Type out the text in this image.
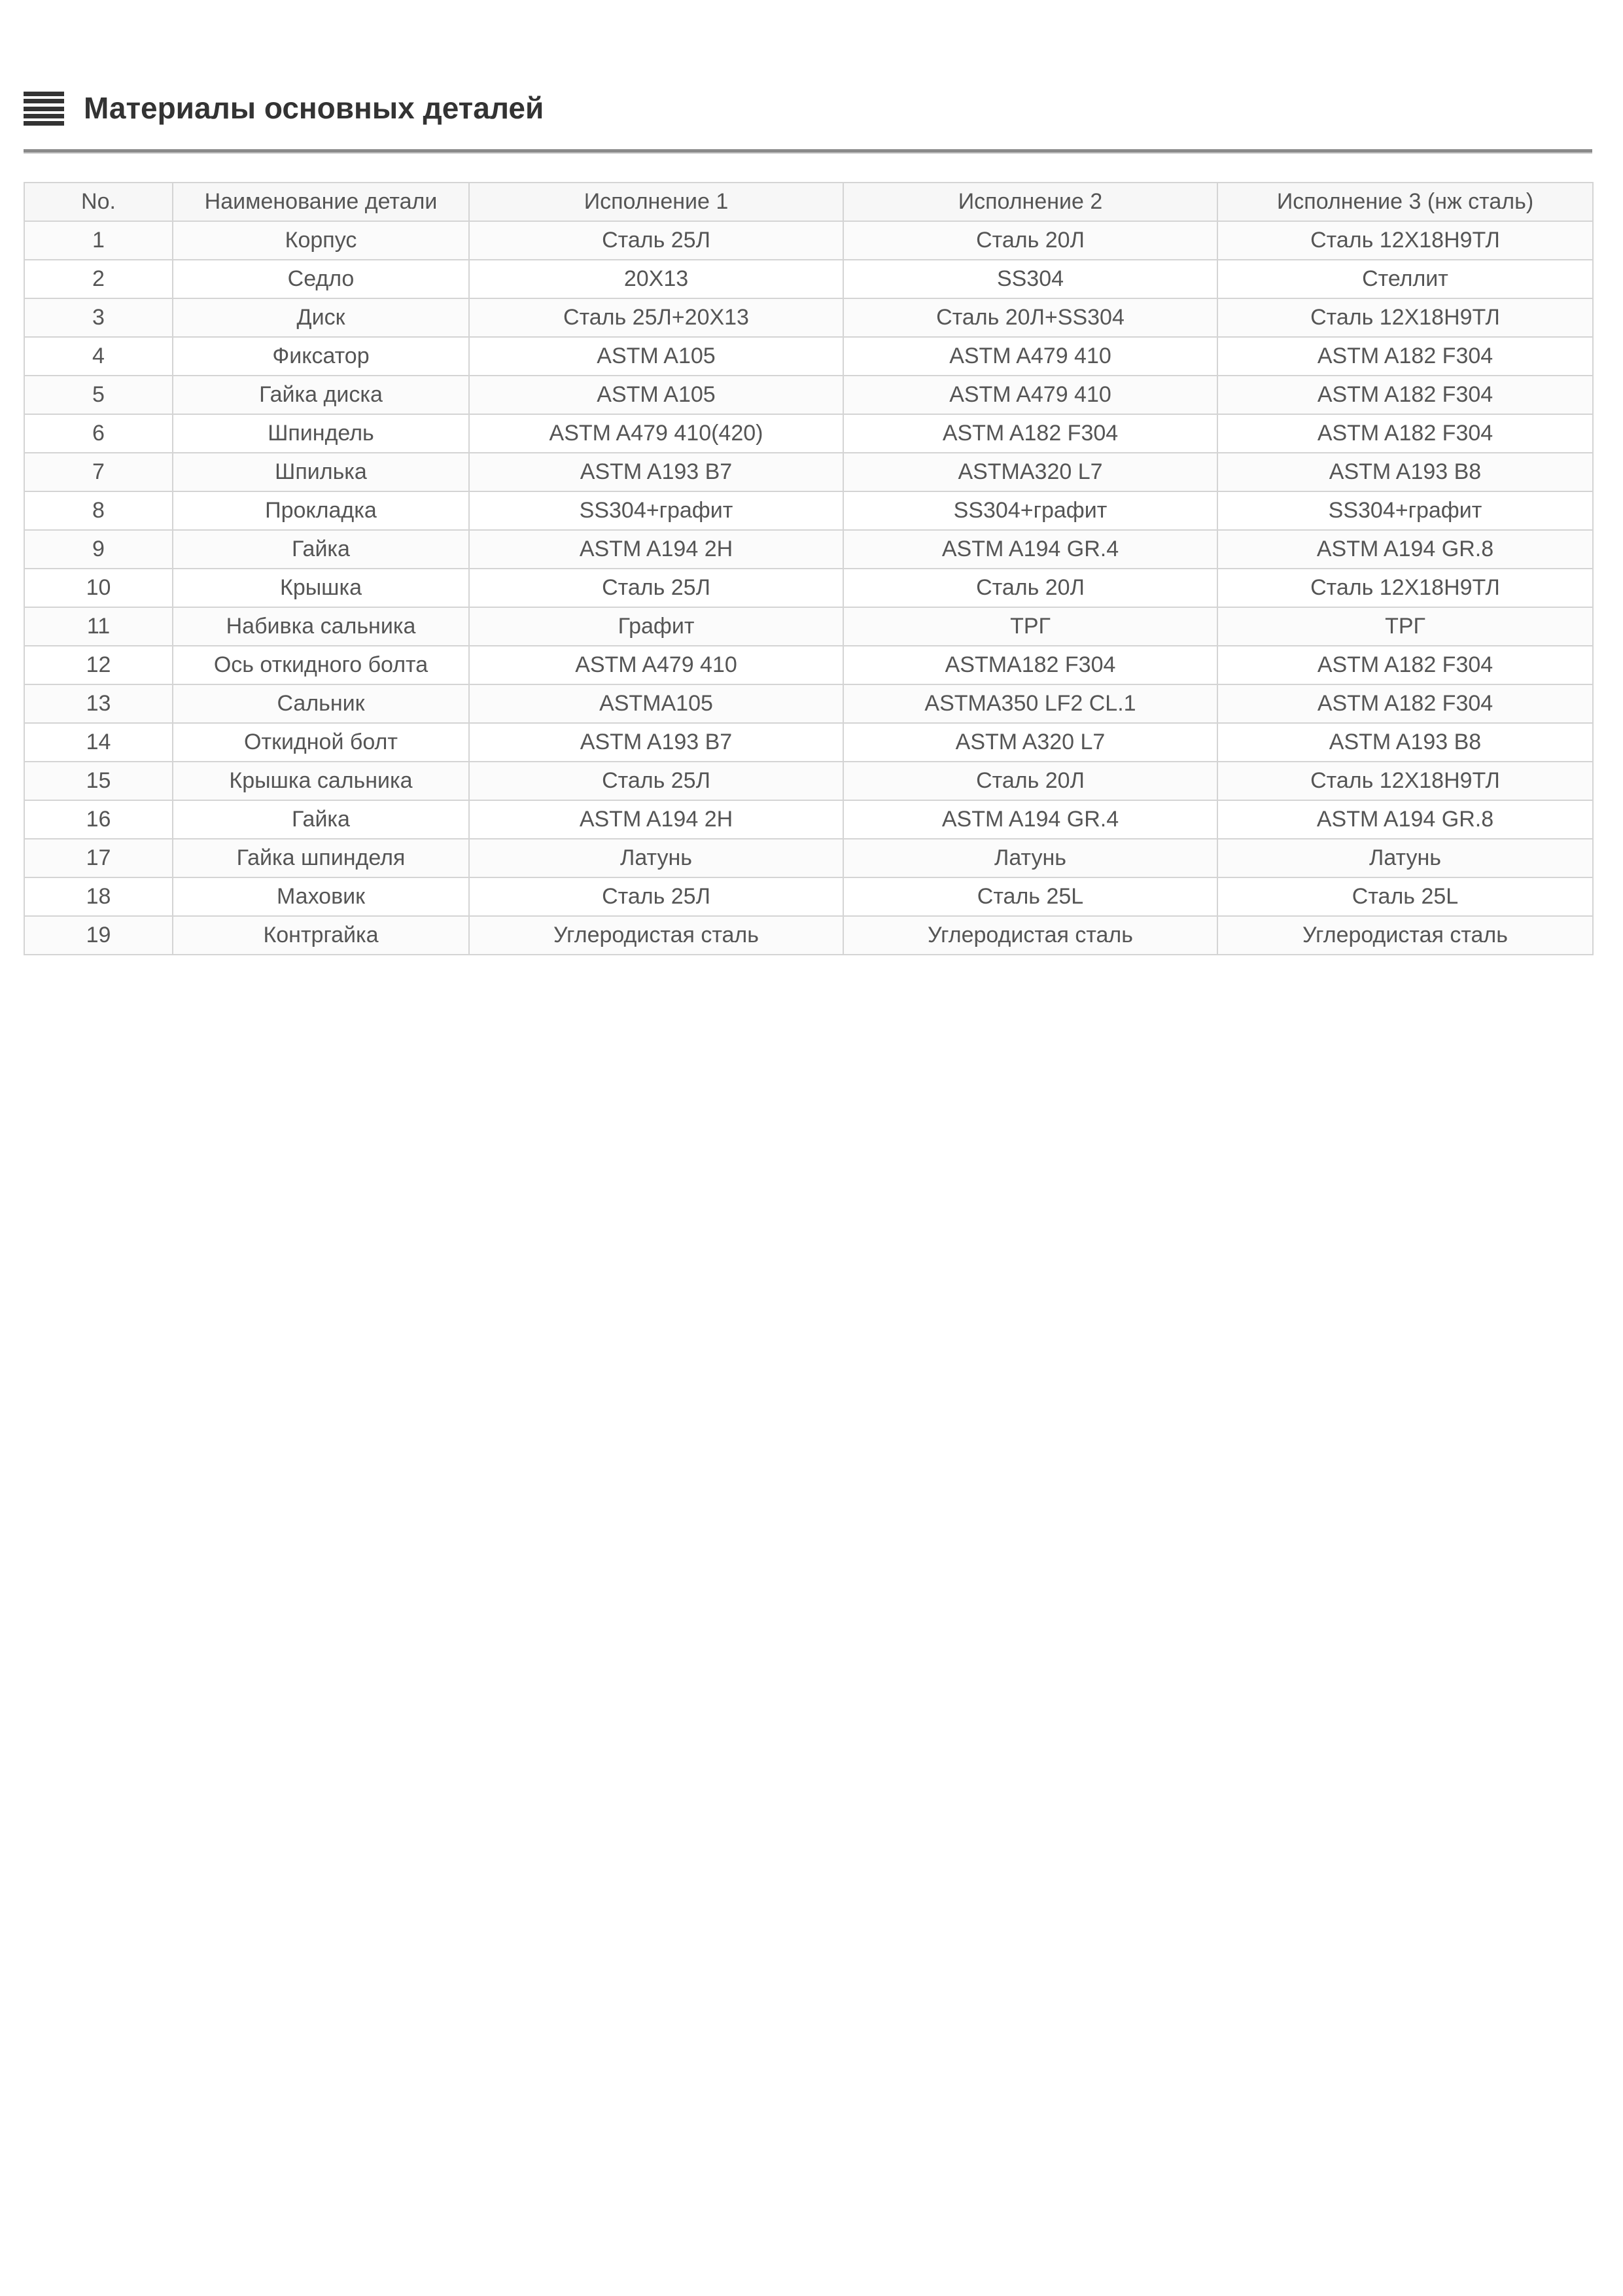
Материалы основных деталей
No.	Наименование детали	Исполнение 1	Исполнение 2	Исполнение 3 (нж сталь)
1	Корпус	Сталь 25Л	Сталь 20Л	Сталь 12Х18Н9ТЛ
2	Седло	20Х13	SS304	Стеллит
3	Диск	Сталь 25Л+20Х13	Сталь 20Л+SS304	Сталь 12Х18Н9ТЛ
4	Фиксатор	ASTM A105	ASTM A479 410	ASTM A182 F304
5	Гайка диска	ASTM A105	ASTM A479 410	ASTM A182 F304
6	Шпиндель	ASTM A479 410(420)	ASTM A182 F304	ASTM A182 F304
7	Шпилька	ASTM A193 B7	ASTMA320 L7	ASTM A193 B8
8	Прокладка	SS304+графит	SS304+графит	SS304+графит
9	Гайка	ASTM A194 2H	ASTM A194 GR.4	ASTM A194 GR.8
10	Крышка	Сталь 25Л	Сталь 20Л	Сталь 12Х18Н9ТЛ
11	Набивка сальника	Графит	ТРГ	ТРГ
12	Ось откидного болта	ASTM A479 410	ASTMA182 F304	ASTM A182 F304
13	Сальник	ASTMA105	ASTMA350 LF2 CL.1	ASTM A182 F304
14	Откидной болт	ASTM A193 B7	ASTM A320 L7	ASTM A193 B8
15	Крышка сальника	Сталь 25Л	Сталь 20Л	Сталь 12Х18Н9ТЛ
16	Гайка	ASTM A194 2H	ASTM A194 GR.4	ASTM A194 GR.8
17	Гайка шпинделя	Латунь	Латунь	Латунь
18	Маховик	Сталь 25Л	Сталь 25L	Сталь 25L
19	Контргайка	Углеродистая сталь	Углеродистая сталь	Углеродистая сталь
